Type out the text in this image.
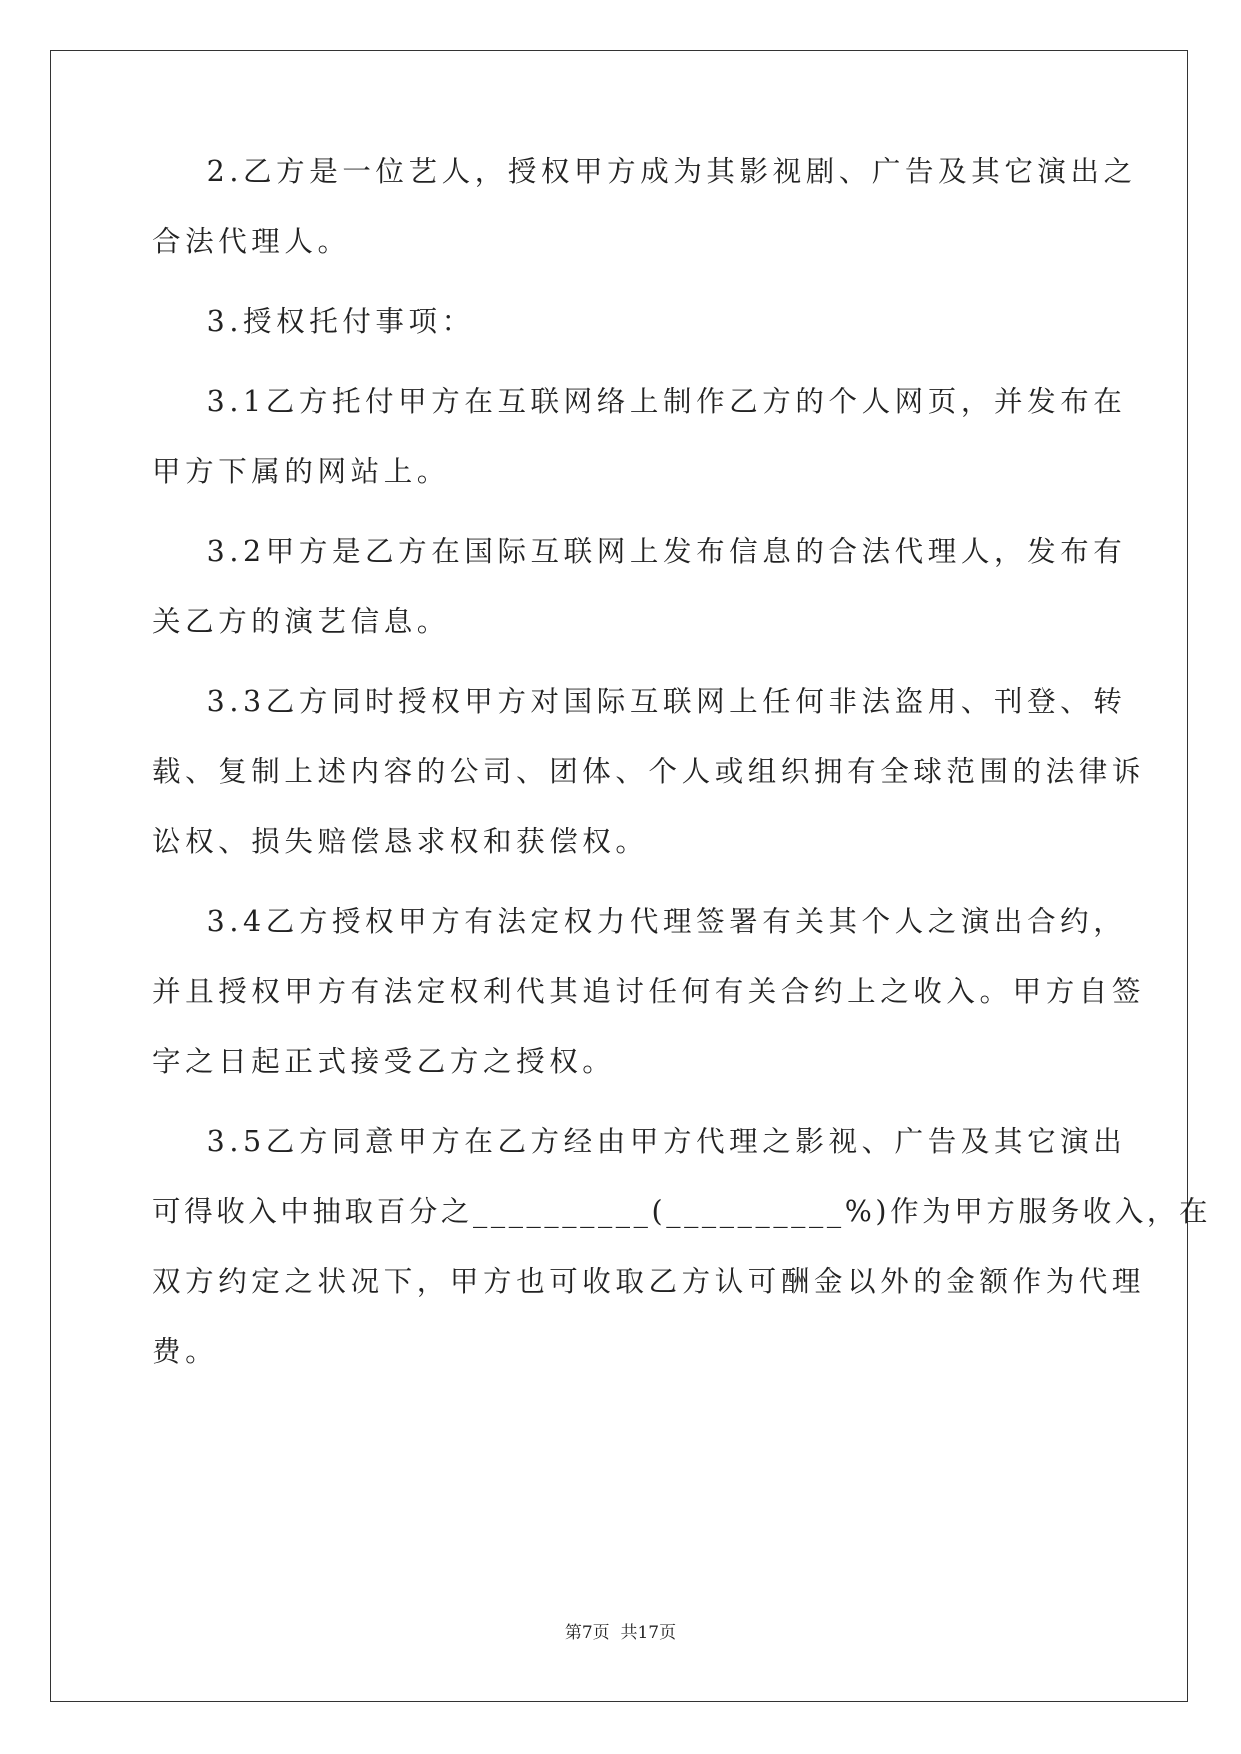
2.乙方是一位艺人，授权甲方成为其影视剧、广告及其它演出之
合法代理人。
3.授权托付事项：
3.1乙方托付甲方在互联网络上制作乙方的个人网页，并发布在
甲方下属的网站上。
3.2甲方是乙方在国际互联网上发布信息的合法代理人，发布有
关乙方的演艺信息。
3.3乙方同时授权甲方对国际互联网上任何非法盗用、刊登、转
载、复制上述内容的公司、团体、个人或组织拥有全球范围的法律诉
讼权、损失赔偿恳求权和获偿权。
3.4乙方授权甲方有法定权力代理签署有关其个人之演出合约，
并且授权甲方有法定权利代其追讨任何有关合约上之收入。甲方自签
字之日起正式接受乙方之授权。
3.5乙方同意甲方在乙方经由甲方代理之影视、广告及其它演出
可得收入中抽取百分之__________(__________%)作为甲方服务收入，在
双方约定之状况下，甲方也可收取乙方认可酬金以外的金额作为代理
费。
第7页  共17页
